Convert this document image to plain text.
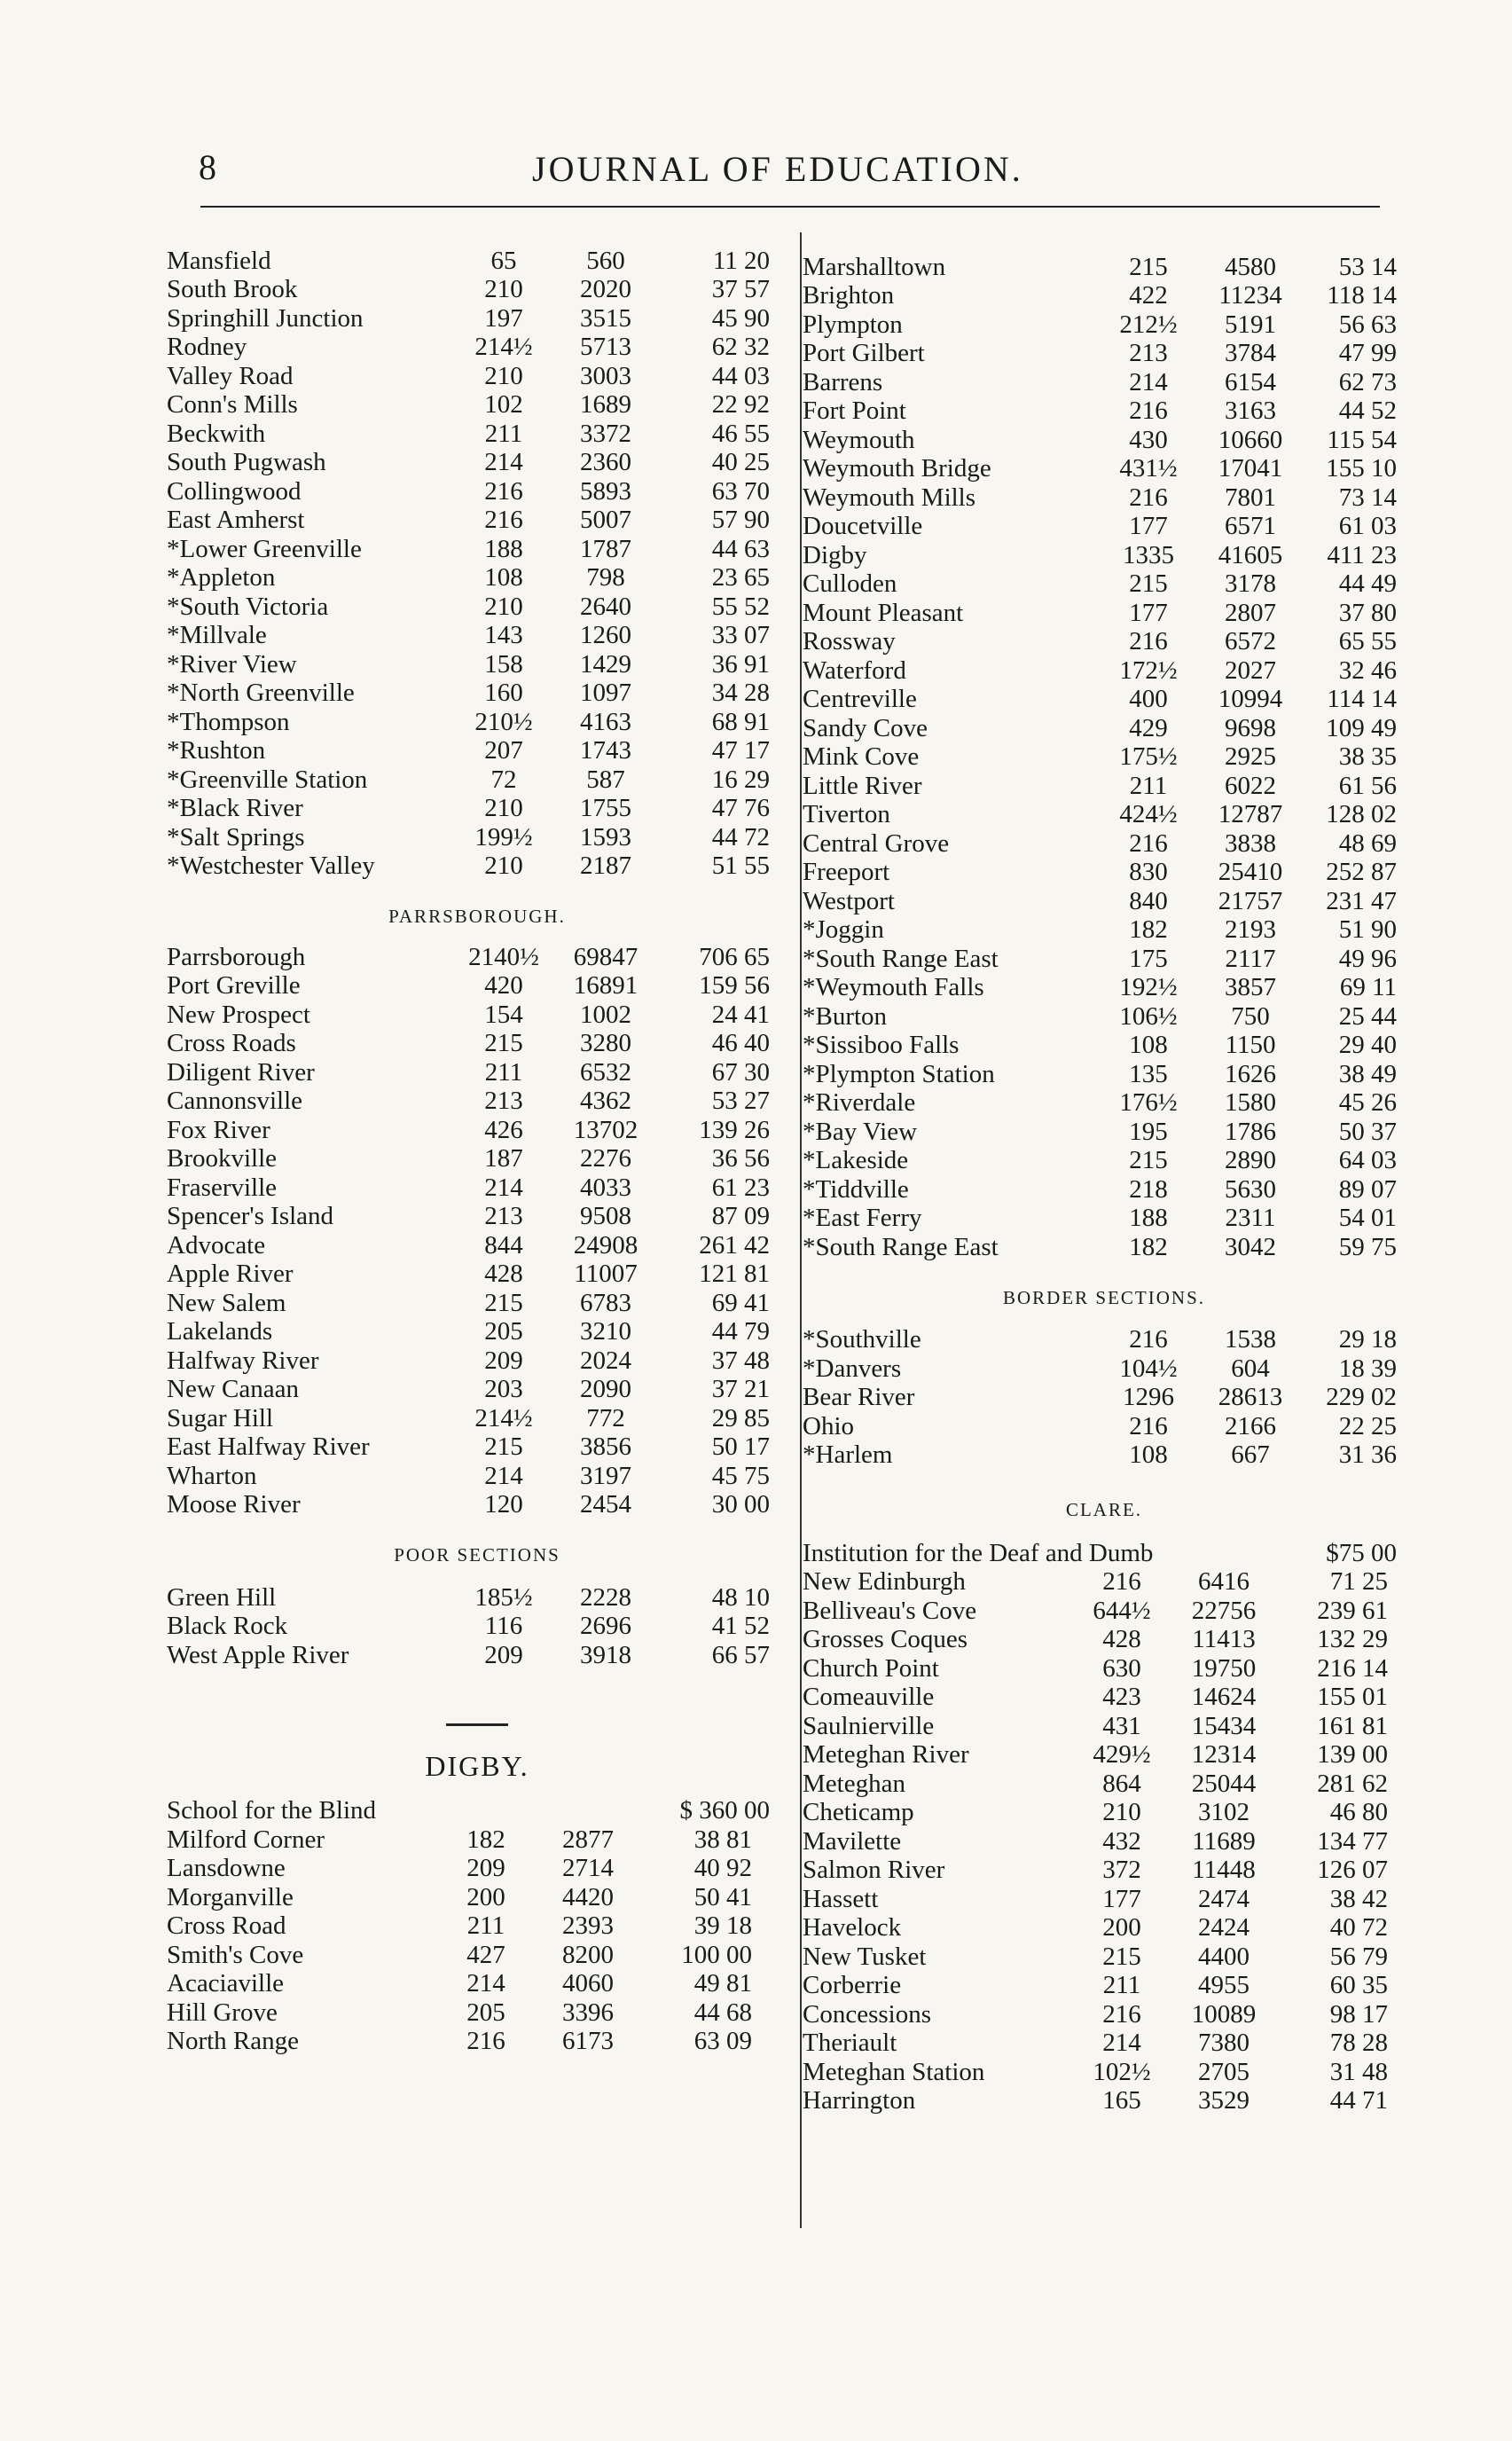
8	JOURNAL OF EDUCATION.
Mansfield	65	560	11 20
South Brook	210	2020	37 57
Springhill Junction	197	3515	45 90
Rodney	214½	5713	62 32
Valley Road	210	3003	44 03
Conn's Mills	102	1689	22 92
Beckwith	211	3372	46 55
South Pugwash	214	2360	40 25
Collingwood	216	5893	63 70
East Amherst	216	5007	57 90
*Lower Greenville	188	1787	44 63
*Appleton	108	798	23 65
*South Victoria	210	2640	55 52
*Millvale	143	1260	33 07
*River View	158	1429	36 91
*North Greenville	160	1097	34 28
*Thompson	210½	4163	68 91
*Rushton	207	1743	47 17
*Greenville Station	72	587	16 29
*Black River	210	1755	47 76
*Salt Springs	199½	1593	44 72
*Westchester Valley	210	2187	51 55
PARRSBOROUGH.
Parrsborough	2140½	69847	706 65
Port Greville	420	16891	159 56
New Prospect	154	1002	24 41
Cross Roads	215	3280	46 40
Diligent River	211	6532	67 30
Cannonsville	213	4362	53 27
Fox River	426	13702	139 26
Brookville	187	2276	36 56
Fraserville	214	4033	61 23
Spencer's Island	213	9508	87 09
Advocate	844	24908	261 42
Apple River	428	11007	121 81
New Salem	215	6783	69 41
Lakelands	205	3210	44 79
Halfway River	209	2024	37 48
New Canaan	203	2090	37 21
Sugar Hill	214½	772	29 85
East Halfway River	215	3856	50 17
Wharton	214	3197	45 75
Moose River	120	2454	30 00
POOR SECTIONS
Green Hill	185½	2228	48 10
Black Rock	116	2696	41 52
West Apple River	209	3918	66 57
DIGBY.
School for the Blind	$ 360 00
Milford Corner	182	2877	38 81
Lansdowne	209	2714	40 92
Morganville	200	4420	50 41
Cross Road	211	2393	39 18
Smith's Cove	427	8200	100 00
Acaciaville	214	4060	49 81
Hill Grove	205	3396	44 68
North Range	216	6173	63 09
Marshalltown	215	4580	53 14
Brighton	422	11234	118 14
Plympton	212½	5191	56 63
Port Gilbert	213	3784	47 99
Barrens	214	6154	62 73
Fort Point	216	3163	44 52
Weymouth	430	10660	115 54
Weymouth Bridge	431½	17041	155 10
Weymouth Mills	216	7801	73 14
Doucetville	177	6571	61 03
Digby	1335	41605	411 23
Culloden	215	3178	44 49
Mount Pleasant	177	2807	37 80
Rossway	216	6572	65 55
Waterford	172½	2027	32 46
Centreville	400	10994	114 14
Sandy Cove	429	9698	109 49
Mink Cove	175½	2925	38 35
Little River	211	6022	61 56
Tiverton	424½	12787	128 02
Central Grove	216	3838	48 69
Freeport	830	25410	252 87
Westport	840	21757	231 47
*Joggin	182	2193	51 90
*South Range East	175	2117	49 96
*Weymouth Falls	192½	3857	69 11
*Burton	106½	750	25 44
*Sissiboo Falls	108	1150	29 40
*Plympton Station	135	1626	38 49
*Riverdale	176½	1580	45 26
*Bay View	195	1786	50 37
*Lakeside	215	2890	64 03
*Tiddville	218	5630	89 07
*East Ferry	188	2311	54 01
*South Range East	182	3042	59 75
BORDER SECTIONS.
*Southville	216	1538	29 18
*Danvers	104½	604	18 39
Bear River	1296	28613	229 02
Ohio	216	2166	22 25
*Harlem	108	667	31 36
CLARE.
Institution for the Deaf and Dumb	$75 00
New Edinburgh	216	6416	71 25
Belliveau's Cove	644½	22756	239 61
Grosses Coques	428	11413	132 29
Church Point	630	19750	216 14
Comeauville	423	14624	155 01
Saulnierville	431	15434	161 81
Meteghan River	429½	12314	139 00
Meteghan	864	25044	281 62
Cheticamp	210	3102	46 80
Mavilette	432	11689	134 77
Salmon River	372	11448	126 07
Hassett	177	2474	38 42
Havelock	200	2424	40 72
New Tusket	215	4400	56 79
Corberrie	211	4955	60 35
Concessions	216	10089	98 17
Theriault	214	7380	78 28
Meteghan Station	102½	2705	31 48
Harrington	165	3529	44 71
